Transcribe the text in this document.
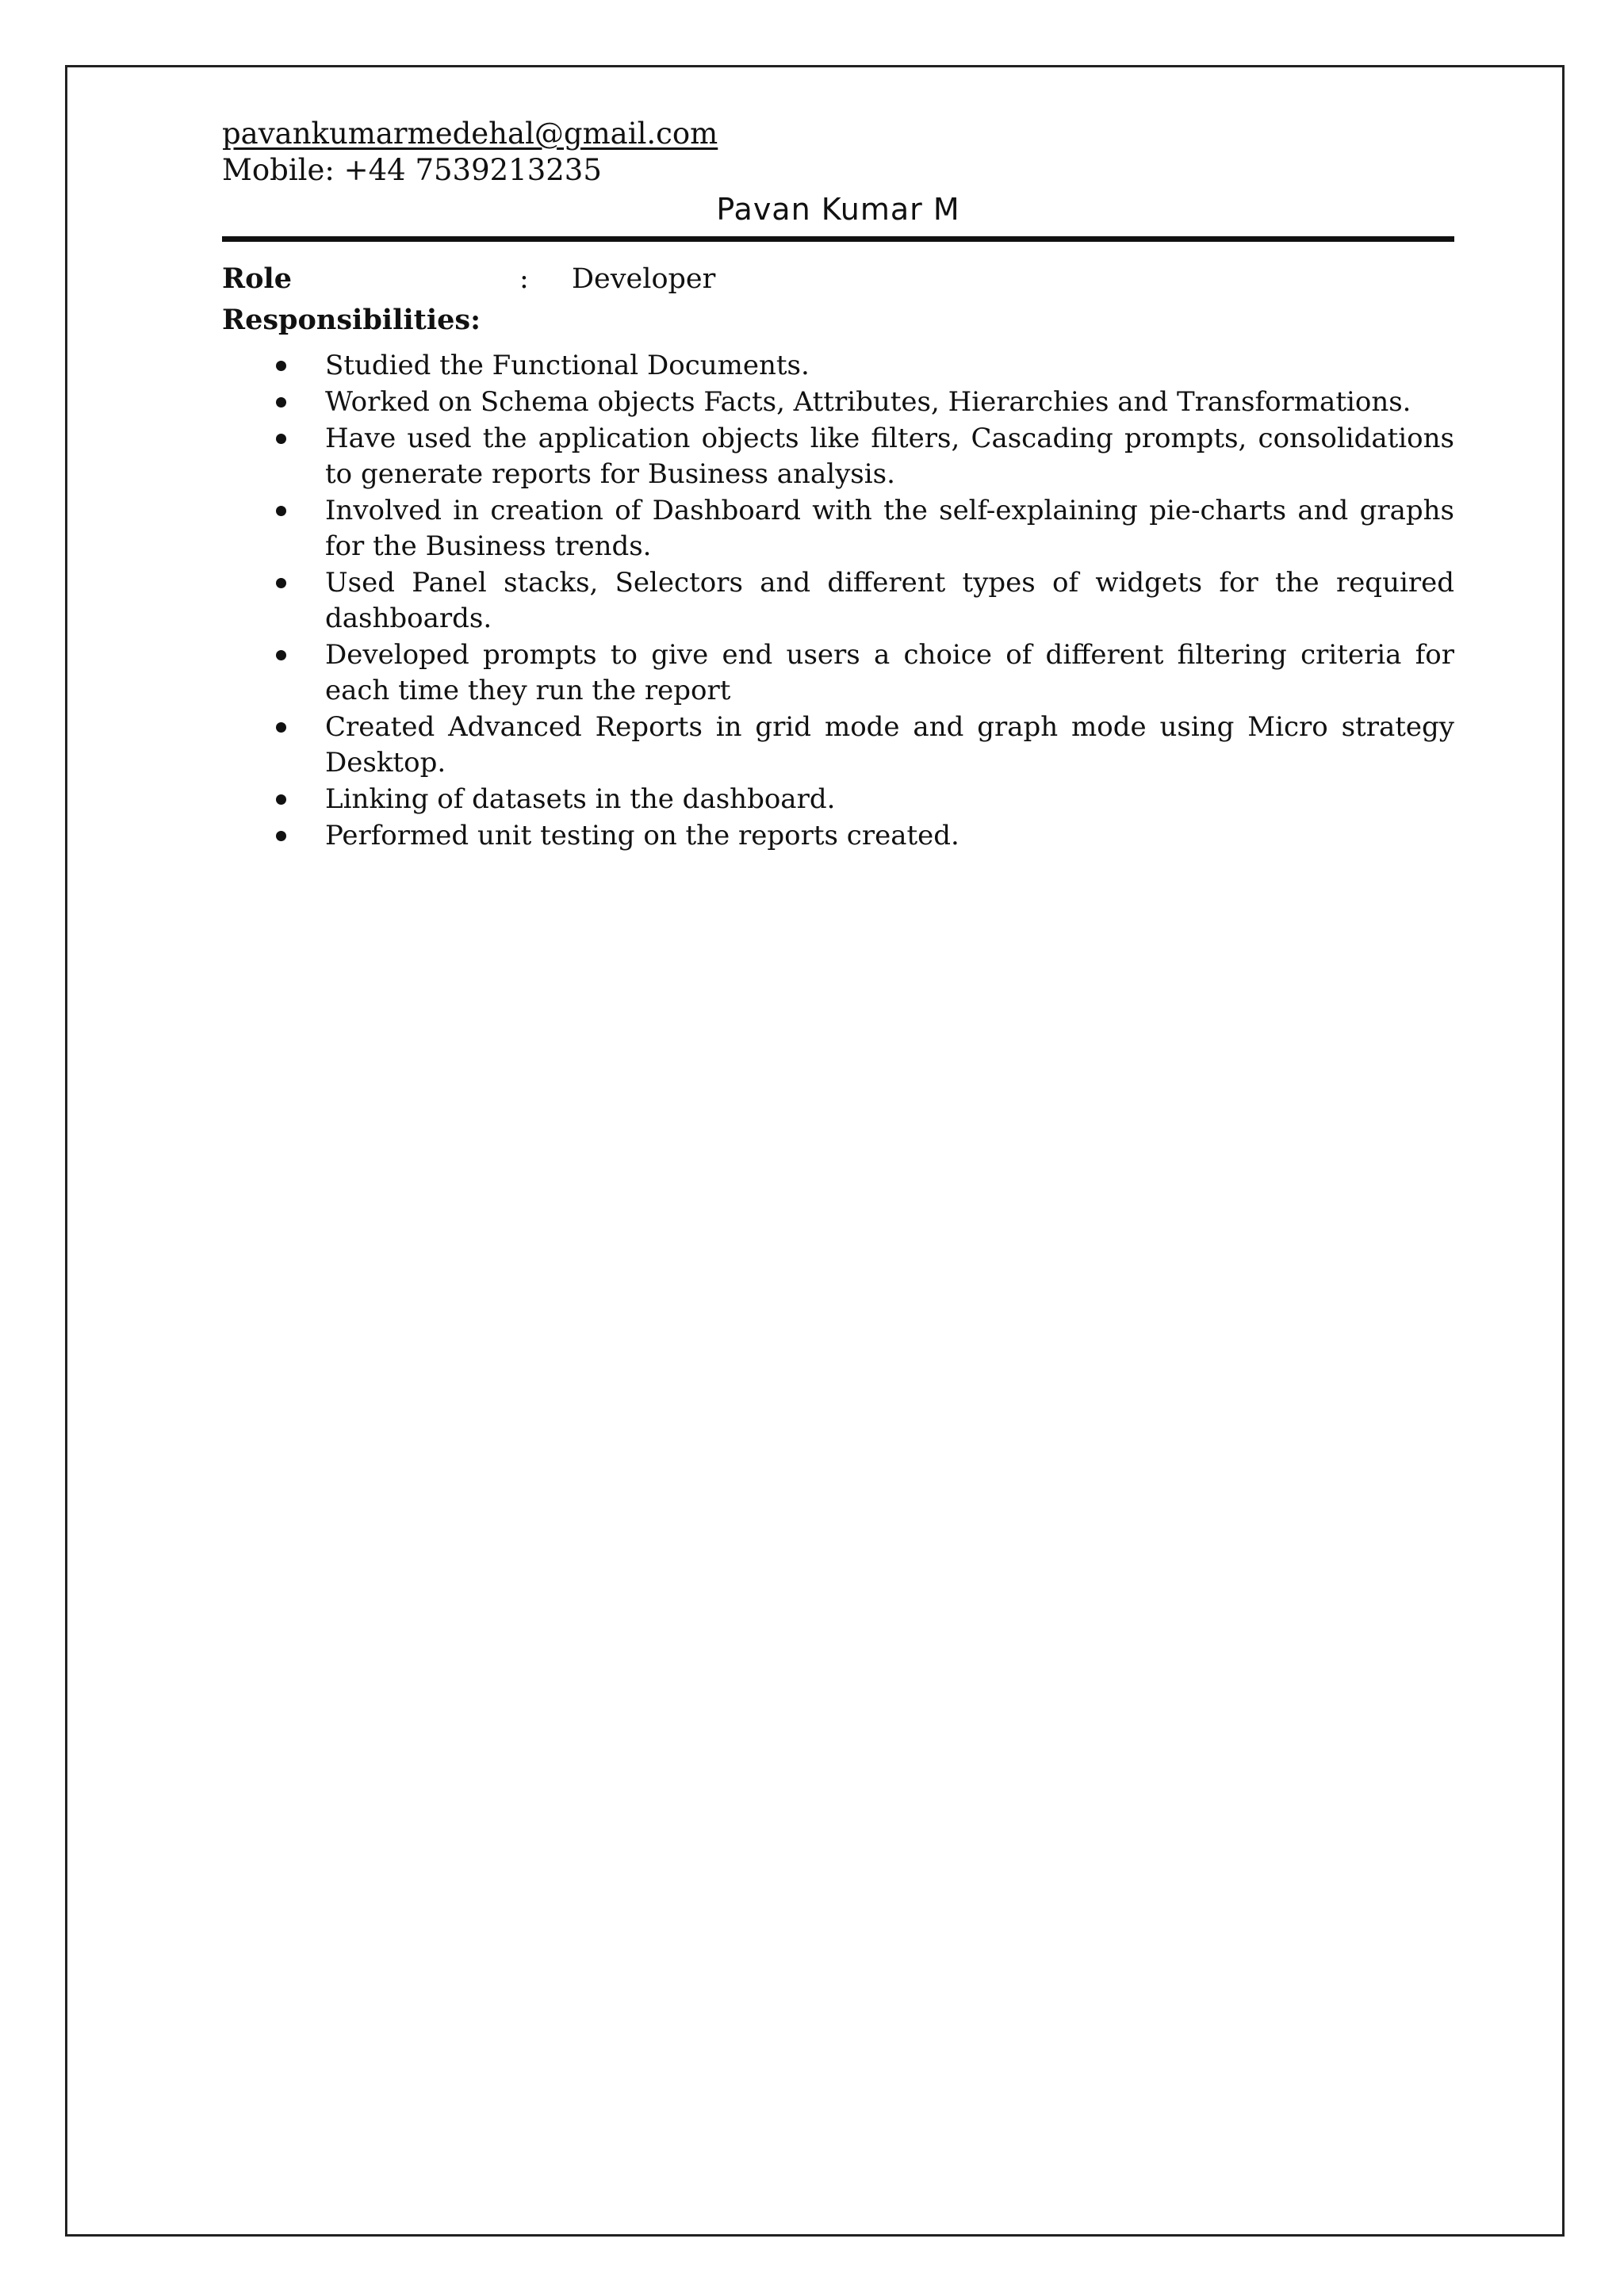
pavankumarmedehal@gmail.com
Mobile: +44 7539213235
Pavan Kumar M
Role	:	Developer
Responsibilities:
Studied the Functional Documents.
Worked on Schema objects Facts, Attributes, Hierarchies and Transformations.
Have used the application objects like filters, Cascading prompts, consolidations to generate reports for Business analysis.
Involved in creation of Dashboard with the self-explaining pie-charts and graphs for the Business trends.
Used Panel stacks, Selectors and different types of widgets for the required dashboards.
Developed prompts to give end users a choice of different filtering criteria for each time they run the report
Created Advanced Reports in grid mode and graph mode using Micro strategy Desktop.
Linking of datasets in the dashboard.
Performed unit testing on the reports created.
